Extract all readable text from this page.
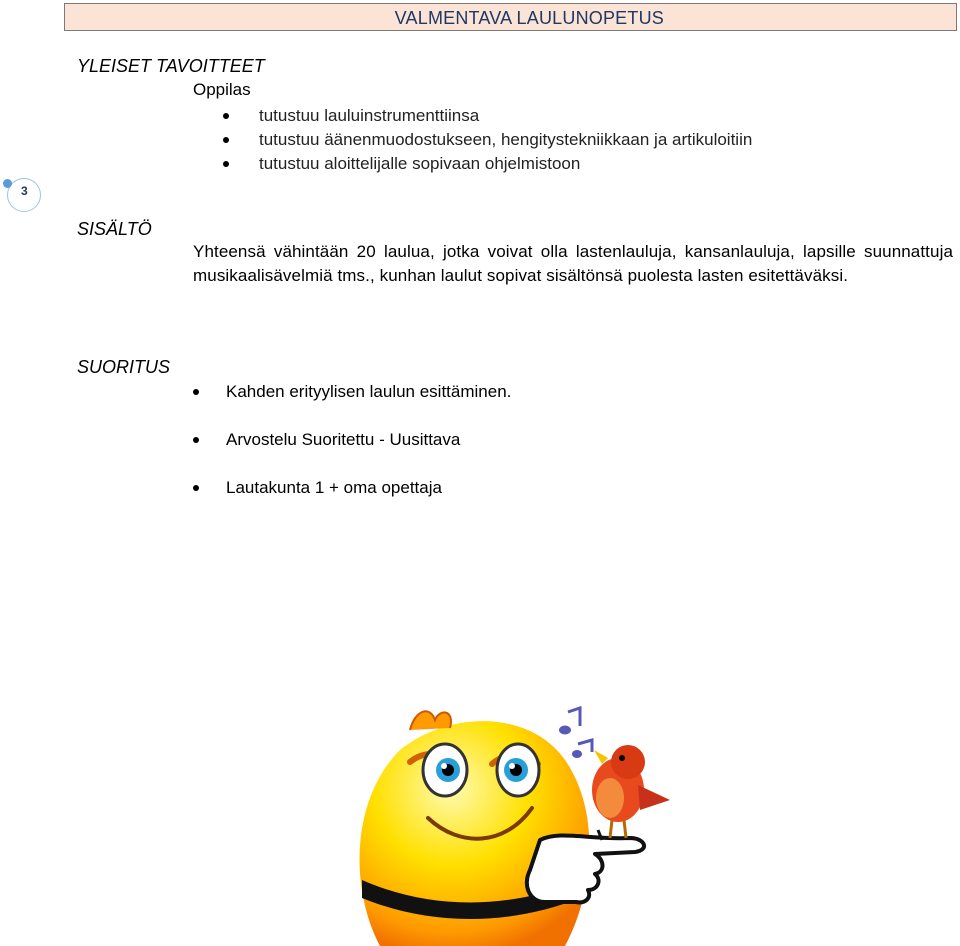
VALMENTAVA LAULUNOPETUS
3
YLEISET TAVOITTEET

Oppilas

tutustuu lauluinstrumenttiinsa
tutustuu äänenmuodostukseen, hengitystekniikkaan ja artikuloitiin
tutustuu aloittelijalle sopivaan ohjelmistoon
SISÄLTÖ

Yhteensä vähintään 20 laulua, jotka voivat olla lastenlauluja, kansanlauluja, lapsille suunnattuja musikaalisävelmiä tms., kunhan laulut sopivat sisältönsä puolesta lasten esitettäväksi.

SUORITUS
Kahden erityylisen laulun esittäminen.
Arvostelu Suoritettu - Uusittava
Lautakunta 1 + oma opettaja
